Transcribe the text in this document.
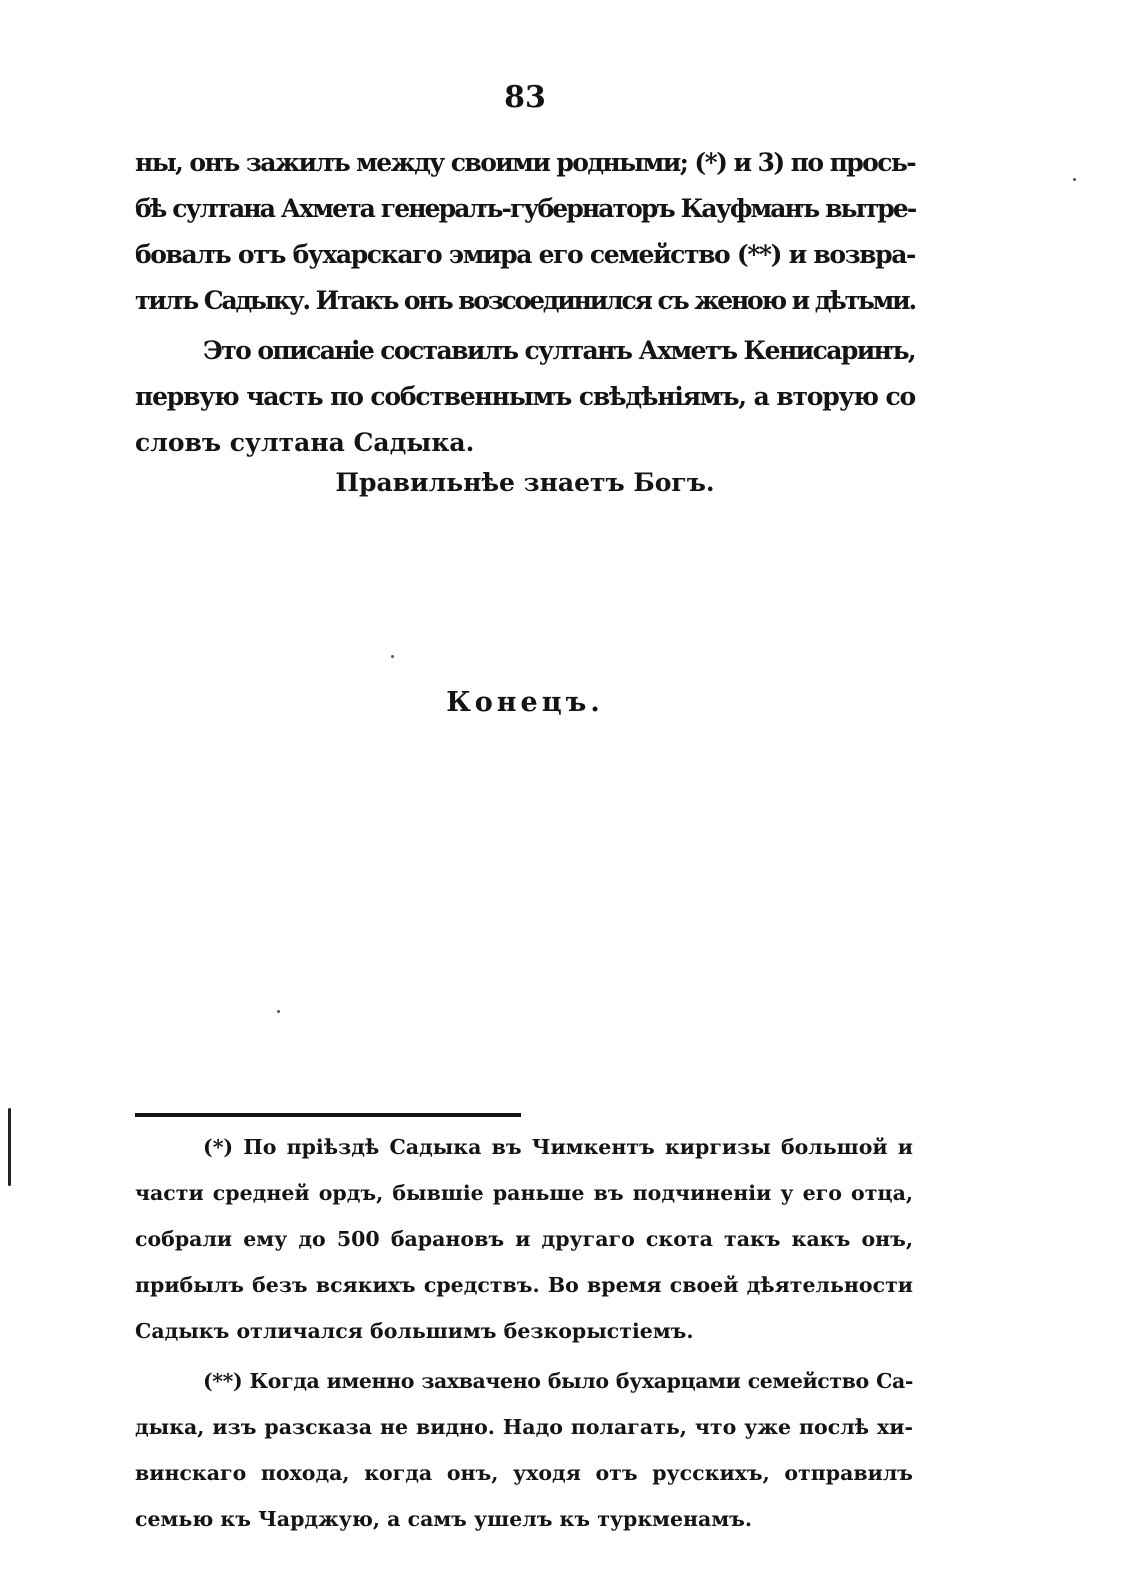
83

ны, онъ зажилъ между своими родными; (*) и 3) по прось-
бѣ султана Ахмета генералъ-губернаторъ Кауфманъ вытре-
бовалъ отъ бухарскаго эмира его семейство (**) и возвра-
тилъ Садыку. Итакъ онъ возсоединился съ женою и дѣтьми.

Это описаніе составилъ султанъ Ахметъ Кенисаринъ,
первую часть по собственнымъ свѣдѣніямъ, а вторую со
словъ султана Садыка.

Правильнѣе знаетъ Богъ.
Конецъ.
(*) По пріѣздѣ Садыка въ Чимкентъ киргизы большой и
части средней ордъ, бывшіе раньше въ подчиненіи у его отца,
собрали ему до 500 барановъ и другаго скота такъ какъ онъ,
прибылъ безъ всякихъ средствъ. Во время своей дѣятельности
Садыкъ отличался большимъ безкорыстіемъ.
(**) Когда именно захвачено было бухарцами семейство Са-
дыка, изъ разсказа не видно. Надо полагать, что уже послѣ хи-
винскаго похода, когда онъ, уходя отъ русскихъ, отправилъ
семью къ Чарджую, а самъ ушелъ къ туркменамъ.
